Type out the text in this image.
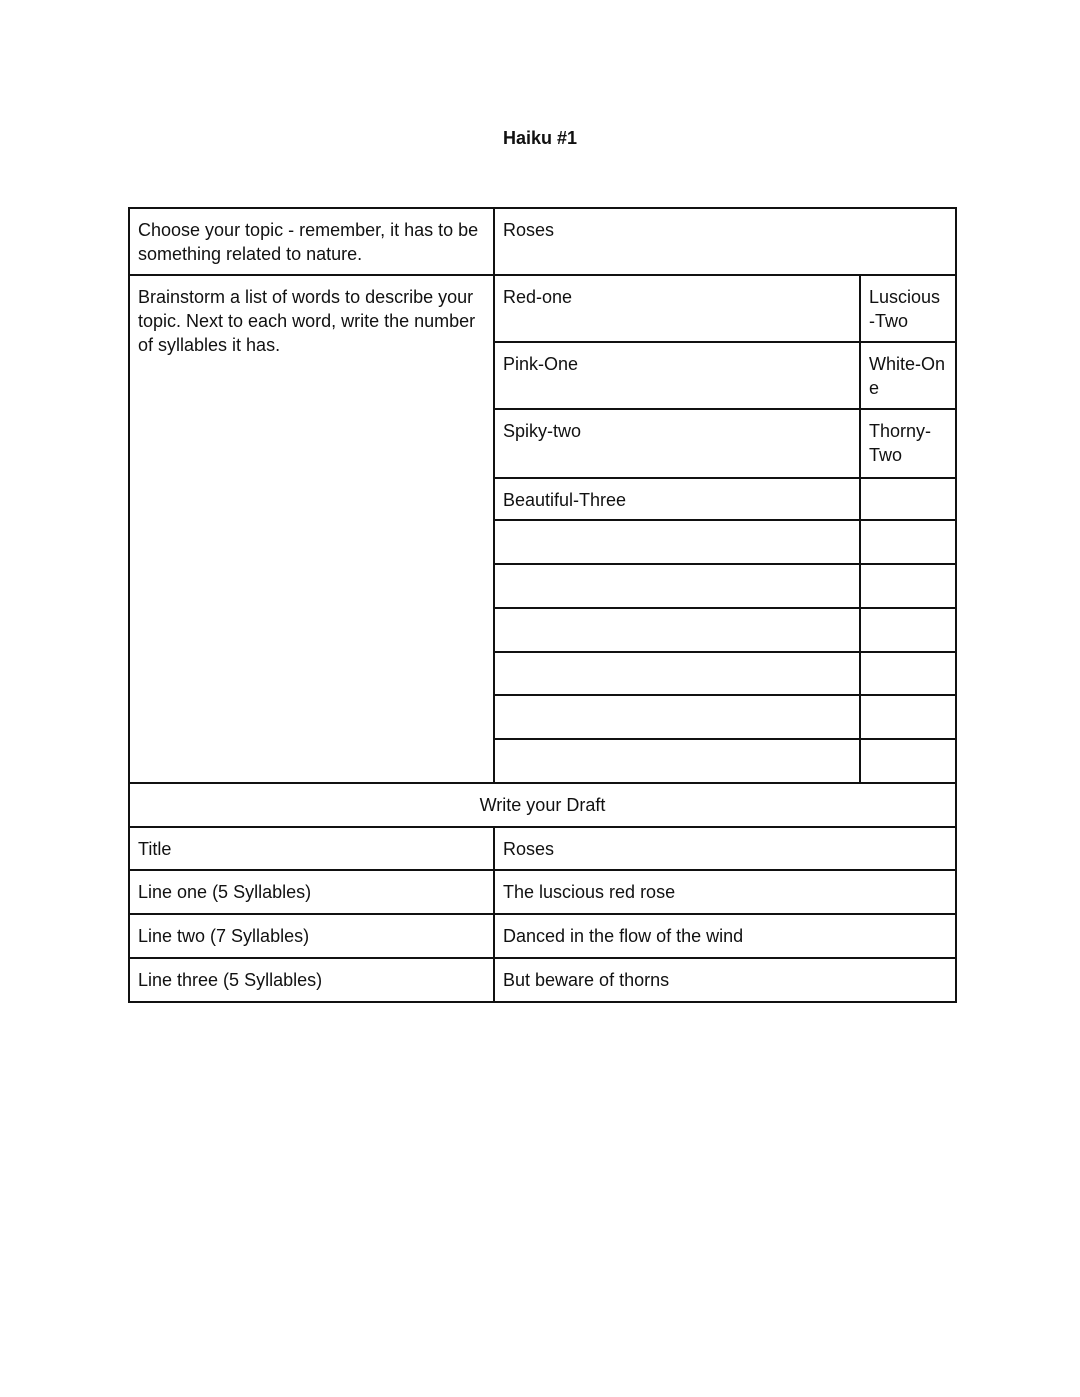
Haiku #1
Choose your topic - remember, it has to be something related to nature.	Roses	
Brainstorm a list of words to describe your topic. Next to each word, write the number of syllables it has.	Red-one	Luscious -Two
	Pink-One	White-One
	Spiky-two	Thorny- Two
	Beautiful-Three	

Write your Draft		
Title	Roses	
Line one (5 Syllables)	The luscious red rose	
Line two (7 Syllables)	Danced in the flow of the wind	
Line three (5 Syllables)	But beware of thorns	
